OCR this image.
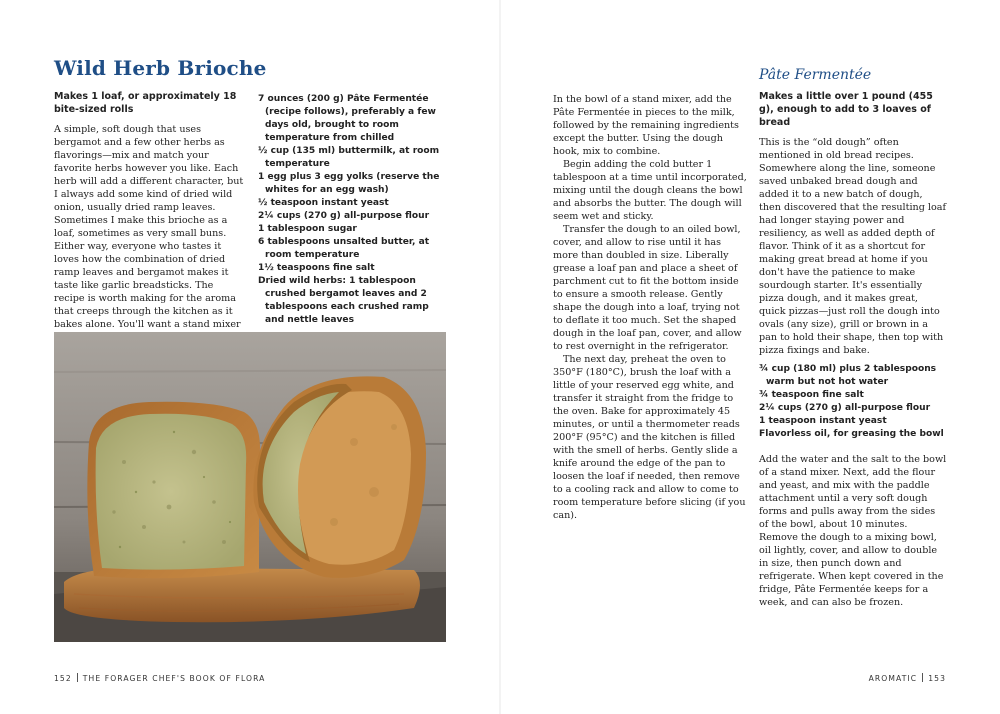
Wild Herb Brioche

Makes 1 loaf, or approximately 18 bite-sized rolls

A simple, soft dough that uses bergamot and a few other herbs as flavorings—mix and match your favorite herbs however you like. Each herb will add a different character, but I always add some kind of dried wild onion, usually dried ramp leaves. Sometimes I make this brioche as a loaf, sometimes as very small buns. Either way, everyone who tastes it loves how the combination of dried ramp leaves and bergamot makes it taste like garlic breadsticks. The recipe is worth making for the aroma that creeps through the kitchen as it bakes alone. You'll want a stand mixer

7 ounces (200 g) Pâte Fermentée (recipe follows), preferably a few days old, brought to room temperature from chilled
½ cup (135 ml) buttermilk, at room temperature
1 egg plus 3 egg yolks (reserve the whites for an egg wash)
½ teaspoon instant yeast
2¼ cups (270 g) all-purpose flour
1 tablespoon sugar
6 tablespoons unsalted butter, at room temperature
1½ teaspoons fine salt
Dried wild herbs: 1 tablespoon crushed bergamot leaves and 2 tablespoons each crushed ramp and nettle leaves
152 THE FORAGER CHEF'S BOOK OF FLORA

In the bowl of a stand mixer, add the Pâte Fermentée in pieces to the milk, followed by the remaining ingredients except the butter. Using the dough hook, mix to combine.

Begin adding the cold butter 1 tablespoon at a time until incorporated, mixing until the dough cleans the bowl and absorbs the butter. The dough will seem wet and sticky.

Transfer the dough to an oiled bowl, cover, and allow to rise until it has more than doubled in size. Liberally grease a loaf pan and place a sheet of parchment cut to fit the bottom inside to ensure a smooth release. Gently shape the dough into a loaf, trying not to deflate it too much. Set the shaped dough in the loaf pan, cover, and allow to rest overnight in the refrigerator.

The next day, preheat the oven to 350°F (180°C), brush the loaf with a little of your reserved egg white, and transfer it straight from the fridge to the oven. Bake for approximately 45 minutes, or until a thermometer reads 200°F (95°C) and the kitchen is filled with the smell of herbs. Gently slide a knife around the edge of the pan to loosen the loaf if needed, then remove to a cooling rack and allow to come to room temperature before slicing (if you can).

Pâte Fermentée

Makes a little over 1 pound (455 g), enough to add to 3 loaves of bread

This is the “old dough” often mentioned in old bread recipes. Somewhere along the line, someone saved unbaked bread dough and added it to a new batch of dough, then discovered that the resulting loaf had longer staying power and resiliency, as well as added depth of flavor. Think of it as a shortcut for making great bread at home if you don't have the patience to make sourdough starter. It's essentially pizza dough, and it makes great, quick pizzas—just roll the dough into ovals (any size), grill or brown in a pan to hold their shape, then top with pizza fixings and bake.

¾ cup (180 ml) plus 2 tablespoons warm but not hot water
¾ teaspoon fine salt
2¼ cups (270 g) all-purpose flour
1 teaspoon instant yeast
Flavorless oil, for greasing the bowl

Add the water and the salt to the bowl of a stand mixer. Next, add the flour and yeast, and mix with the paddle attachment until a very soft dough forms and pulls away from the sides of the bowl, about 10 minutes. Remove the dough to a mixing bowl, oil lightly, cover, and allow to double in size, then punch down and refrigerate. When kept covered in the fridge, Pâte Fermentée keeps for a week, and can also be frozen.

AROMATIC 153
